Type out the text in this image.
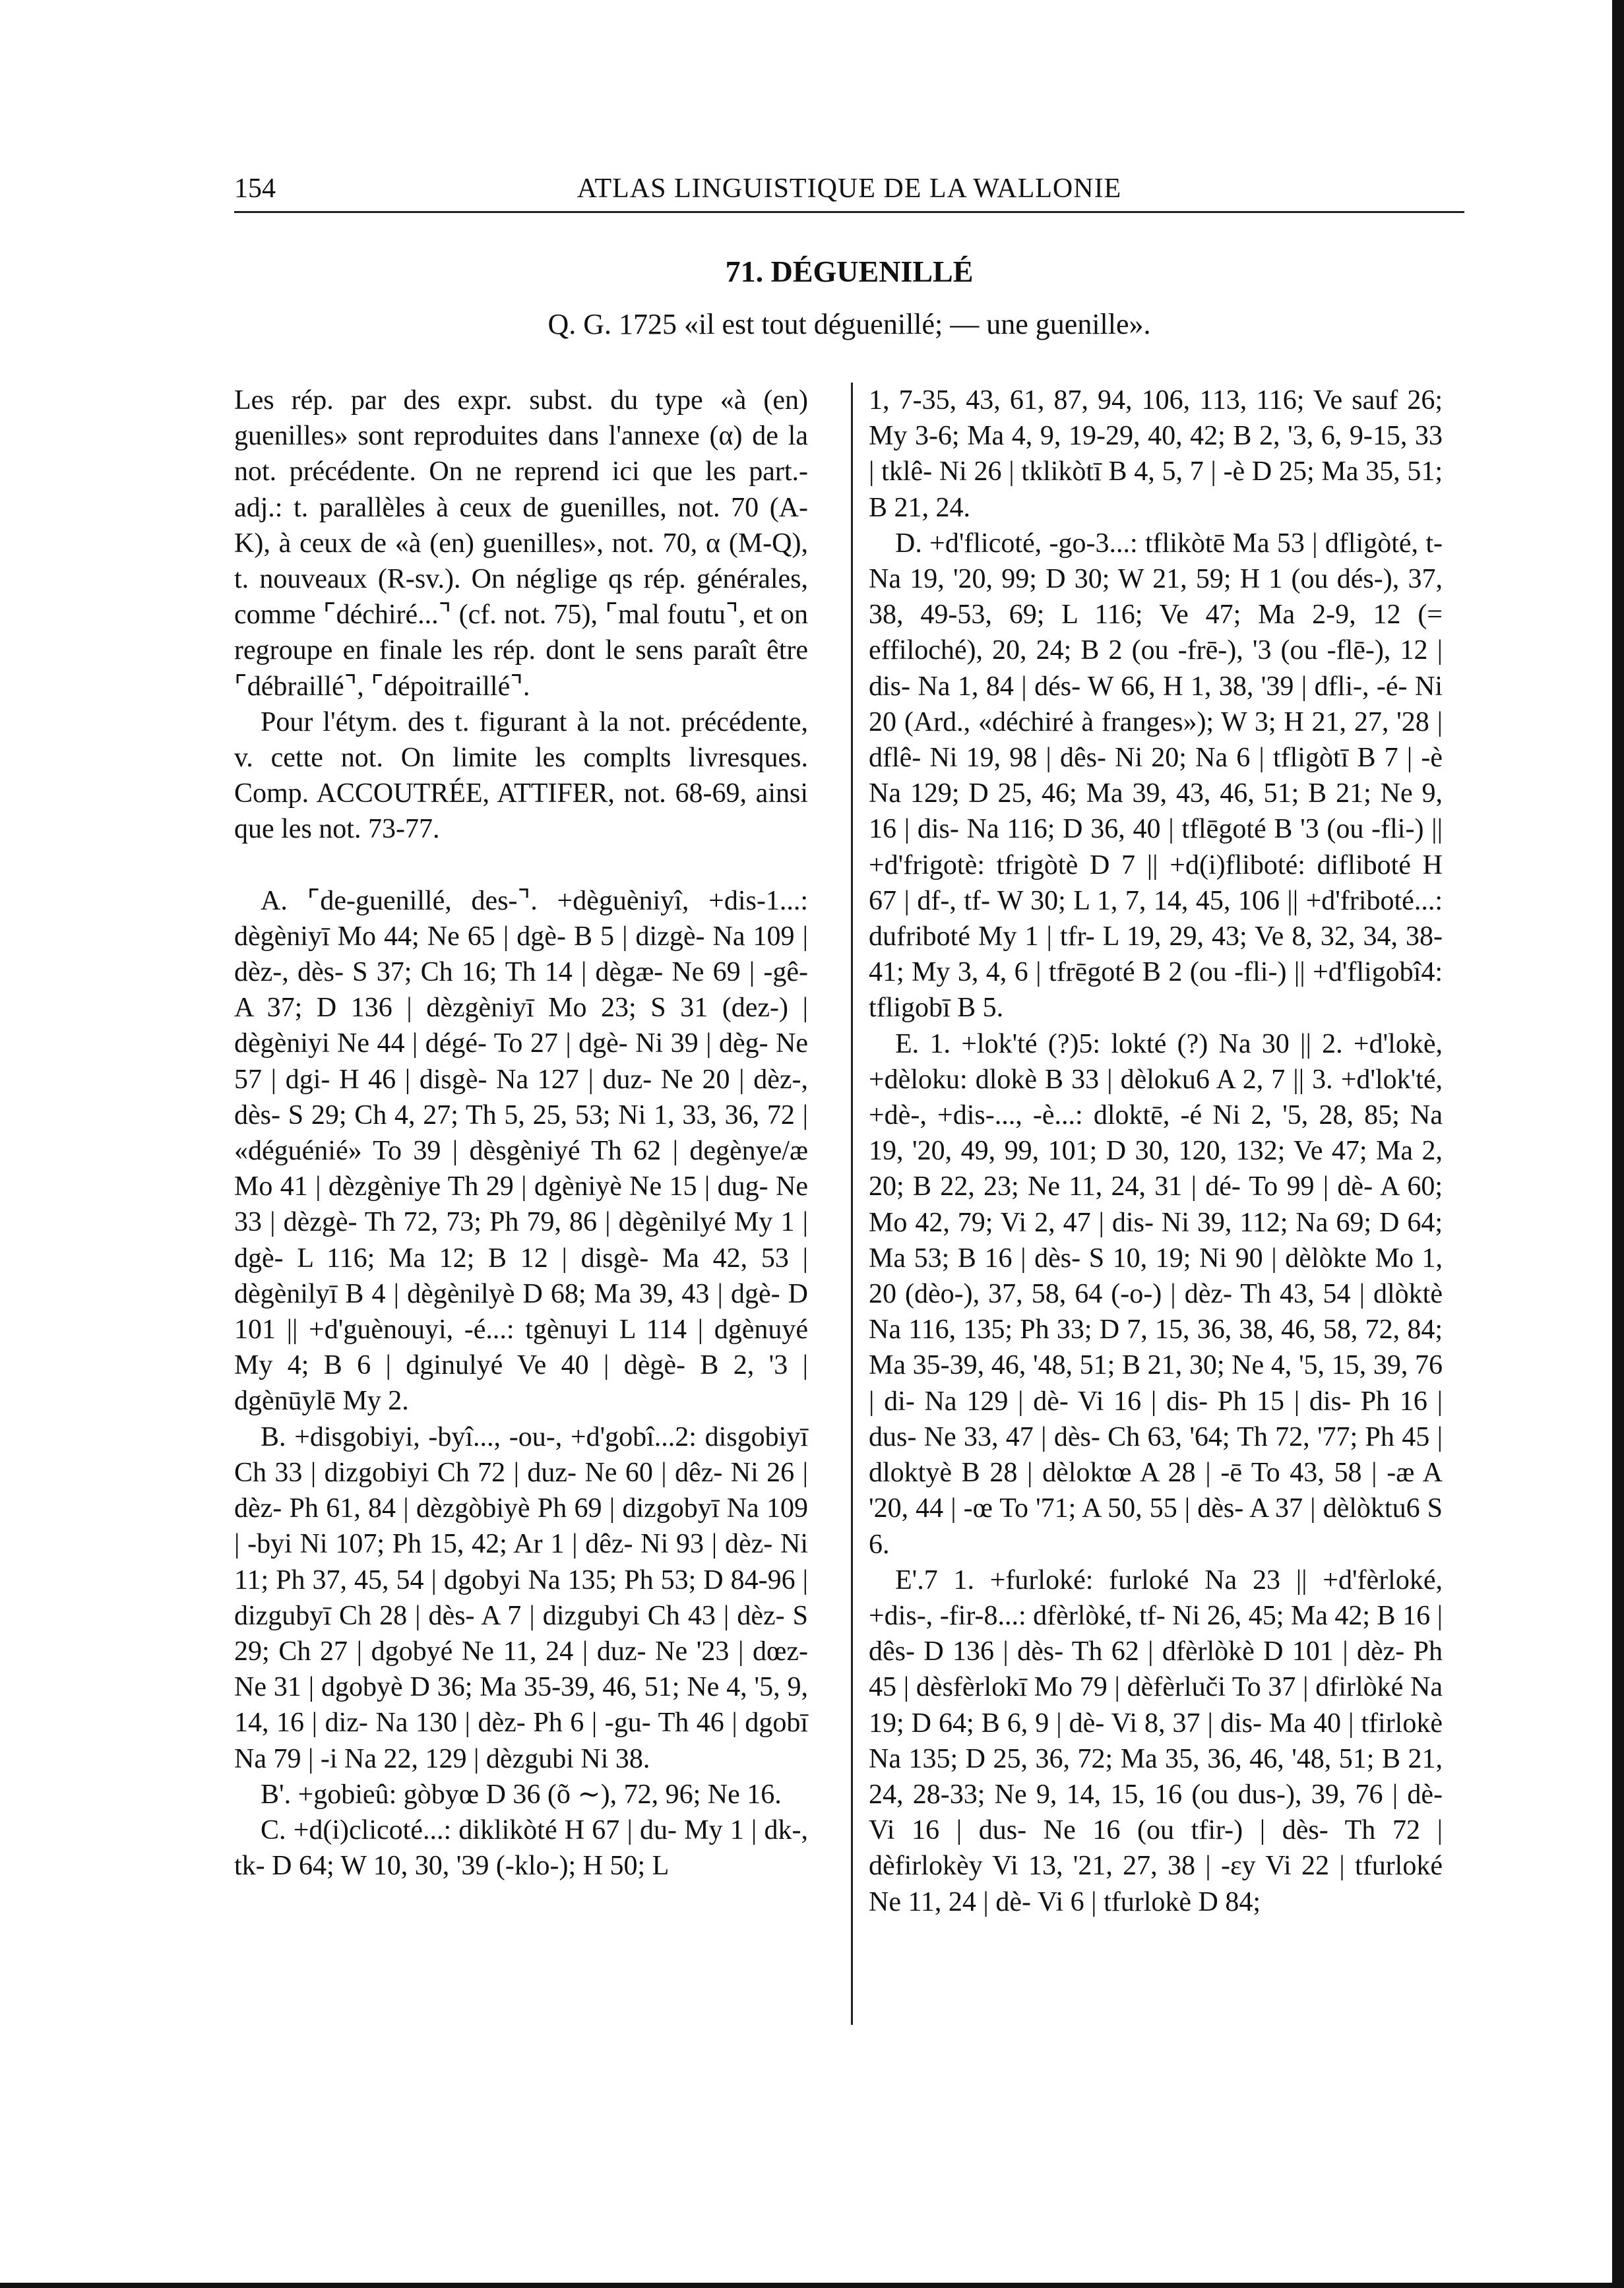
154	ATLAS LINGUISTIQUE DE LA WALLONIE
71. DÉGUENILLÉ
Q. G. 1725 «il est tout déguenillé; — une guenille».

Les rép. par des expr. subst. du type «à (en) guenilles» sont reproduites dans l'annexe (α) de la not. précédente. On ne reprend ici que les part.-adj.: t. parallèles à ceux de guenilles, not. 70 (A-K), à ceux de «à (en) guenilles», not. 70, α (M-Q), t. nouveaux (R-sv.). On néglige qs rép. générales, comme ⌜déchiré...⌝ (cf. not. 75), ⌜mal foutu⌝, et on regroupe en finale les rép. dont le sens paraît être ⌜débraillé⌝, ⌜dépoitraillé⌝.

Pour l'étym. des t. figurant à la not. précédente, v. cette not. On limite les complts livresques. Comp. ACCOUTRÉE, ATTIFER, not. 68-69, ainsi que les not. 73-77.

A. ⌜de-guenillé, des-⌝. +dèguèniyî, +dis-1...: dègèniyī Mo 44; Ne 65 | dgè- B 5 | dizgè- Na 109 | dèz-, dès- S 37; Ch 16; Th 14 | dègæ- Ne 69 | -gê- A 37; D 136 | dèzgèniyī Mo 23; S 31 (dez-) | dègèniyi Ne 44 | dégé- To 27 | dgè- Ni 39 | dèg- Ne 57 | dgi- H 46 | disgè- Na 127 | duz- Ne 20 | dèz-, dès- S 29; Ch 4, 27; Th 5, 25, 53; Ni 1, 33, 36, 72 | «déguénié» To 39 | dèsgèniyé Th 62 | degènye/æ Mo 41 | dèzgèniye Th 29 | dgèniyè Ne 15 | dug- Ne 33 | dèzgè- Th 72, 73; Ph 79, 86 | dègènilyé My 1 | dgè- L 116; Ma 12; B 12 | disgè- Ma 42, 53 | dègènilyī B 4 | dègènilyè D 68; Ma 39, 43 | dgè- D 101 || +d'guènouyi, -é...: tgènuyi L 114 | dgènuyé My 4; B 6 | dginulyé Ve 40 | dègè- B 2, '3 | dgènūylē My 2.

B. +disgobiyi, -byî..., -ou-, +d'gobî...2: disgobiyī Ch 33 | dizgobiyi Ch 72 | duz- Ne 60 | dêz- Ni 26 | dèz- Ph 61, 84 | dèzgòbiyè Ph 69 | dizgobyī Na 109 | -byi Ni 107; Ph 15, 42; Ar 1 | dêz- Ni 93 | dèz- Ni 11; Ph 37, 45, 54 | dgobyi Na 135; Ph 53; D 84-96 | dizgubyī Ch 28 | dès- A 7 | dizgubyi Ch 43 | dèz- S 29; Ch 27 | dgobyé Ne 11, 24 | duz- Ne '23 | dœz- Ne 31 | dgobyè D 36; Ma 35-39, 46, 51; Ne 4, '5, 9, 14, 16 | diz- Na 130 | dèz- Ph 6 | -gu- Th 46 | dgobī Na 79 | -i Na 22, 129 | dèzgubi Ni 38.

B'. +gobieû: gòbyœ D 36 (õ ∼), 72, 96; Ne 16.

C. +d(i)clicoté...: diklikòté H 67 | du- My 1 | dk-, tk- D 64; W 10, 30, '39 (-klo-); H 50; L

1, 7-35, 43, 61, 87, 94, 106, 113, 116; Ve sauf 26; My 3-6; Ma 4, 9, 19-29, 40, 42; B 2, '3, 6, 9-15, 33 | tklê- Ni 26 | tklikòtī B 4, 5, 7 | -è D 25; Ma 35, 51; B 21, 24.

D. +d'flicoté, -go-3...: tflikòtē Ma 53 | dfligòté, t- Na 19, '20, 99; D 30; W 21, 59; H 1 (ou dés-), 37, 38, 49-53, 69; L 116; Ve 47; Ma 2-9, 12 (= effiloché), 20, 24; B 2 (ou -frē-), '3 (ou -flē-), 12 | dis- Na 1, 84 | dés- W 66, H 1, 38, '39 | dfli-, -é- Ni 20 (Ard., «déchiré à franges»); W 3; H 21, 27, '28 | dflê- Ni 19, 98 | dês- Ni 20; Na 6 | tfligòtī B 7 | -è Na 129; D 25, 46; Ma 39, 43, 46, 51; B 21; Ne 9, 16 | dis- Na 116; D 36, 40 | tflēgoté B '3 (ou -fli-) || +d'frigotè: tfrigòtè D 7 || +d(i)fliboté: difliboté H 67 | df-, tf- W 30; L 1, 7, 14, 45, 106 || +d'friboté...: dufriboté My 1 | tfr- L 19, 29, 43; Ve 8, 32, 34, 38-41; My 3, 4, 6 | tfrēgoté B 2 (ou -fli-) || +d'fligobî4: tfligobī B 5.

E. 1. +lok'té (?)5: lokté (?) Na 30 || 2. +d'lokè, +dèloku: dlokè B 33 | dèloku6 A 2, 7 || 3. +d'lok'té, +dè-, +dis-..., -è...: dloktē, -é Ni 2, '5, 28, 85; Na 19, '20, 49, 99, 101; D 30, 120, 132; Ve 47; Ma 2, 20; B 22, 23; Ne 11, 24, 31 | dé- To 99 | dè- A 60; Mo 42, 79; Vi 2, 47 | dis- Ni 39, 112; Na 69; D 64; Ma 53; B 16 | dès- S 10, 19; Ni 90 | dèlòkte Mo 1, 20 (dèo-), 37, 58, 64 (-o-) | dèz- Th 43, 54 | dlòktè Na 116, 135; Ph 33; D 7, 15, 36, 38, 46, 58, 72, 84; Ma 35-39, 46, '48, 51; B 21, 30; Ne 4, '5, 15, 39, 76 | di- Na 129 | dè- Vi 16 | dis- Ph 15 | dis- Ph 16 | dus- Ne 33, 47 | dès- Ch 63, '64; Th 72, '77; Ph 45 | dloktyè B 28 | dèloktœ A 28 | -ē To 43, 58 | -æ A '20, 44 | -œ To '71; A 50, 55 | dès- A 37 | dèlòktu6 S 6.

E'.7 1. +furloké: furloké Na 23 || +d'fèrloké, +dis-, -fir-8...: dfèrlòké, tf- Ni 26, 45; Ma 42; B 16 | dês- D 136 | dès- Th 62 | dfèrlòkè D 101 | dèz- Ph 45 | dèsfèrlokī Mo 79 | dèfèrluči To 37 | dfirlòké Na 19; D 64; B 6, 9 | dè- Vi 8, 37 | dis- Ma 40 | tfirlokè Na 135; D 25, 36, 72; Ma 35, 36, 46, '48, 51; B 21, 24, 28-33; Ne 9, 14, 15, 16 (ou dus-), 39, 76 | dè- Vi 16 | dus- Ne 16 (ou tfir-) | dès- Th 72 | dèfirlokèy Vi 13, '21, 27, 38 | -εy Vi 22 | tfurloké Ne 11, 24 | dè- Vi 6 | tfurlokè D 84;
